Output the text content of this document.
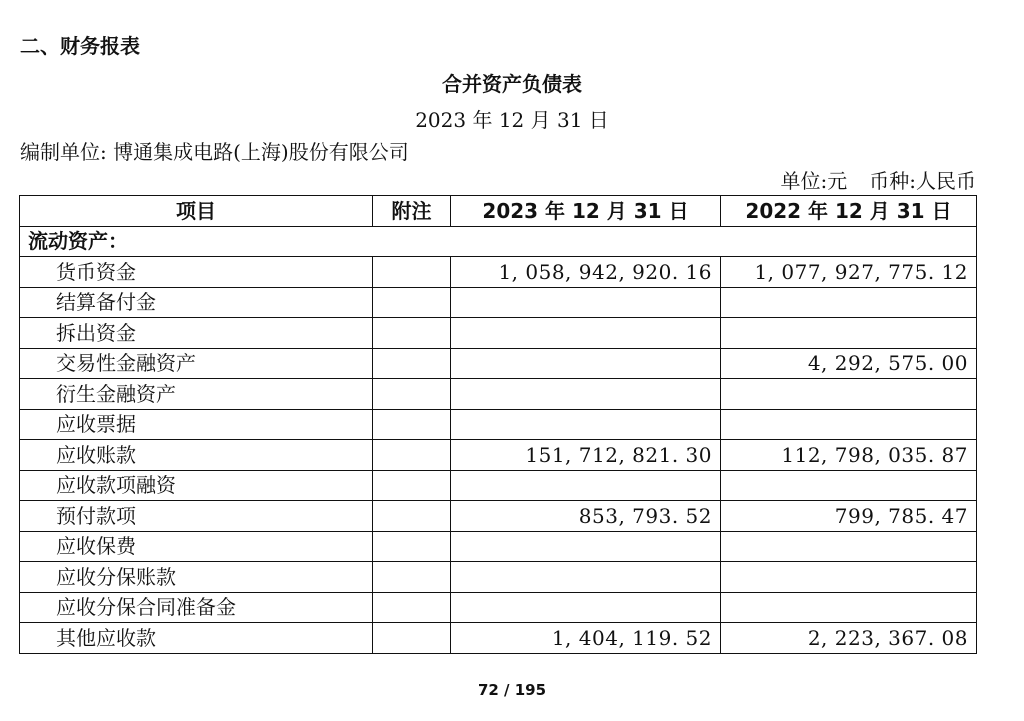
二、财务报表
合并资产负债表
2023 年 12 月 31 日
编制单位: 博通集成电路(上海)股份有限公司
单位:元 币种:人民币
项目	附注	2023 年 12 月 31 日	2022 年 12 月 31 日
流动资产：			
货币资金		1, 058, 942, 920. 16	1, 077, 927, 775. 12
结算备付金			
拆出资金			
交易性金融资产			4, 292, 575. 00
衍生金融资产			
应收票据			
应收账款		151, 712, 821. 30	112, 798, 035. 87
应收款项融资			
预付款项		853, 793. 52	799, 785. 47
应收保费			
应收分保账款			
应收分保合同准备金			
其他应收款		1, 404, 119. 52	2, 223, 367. 08
72 / 195
